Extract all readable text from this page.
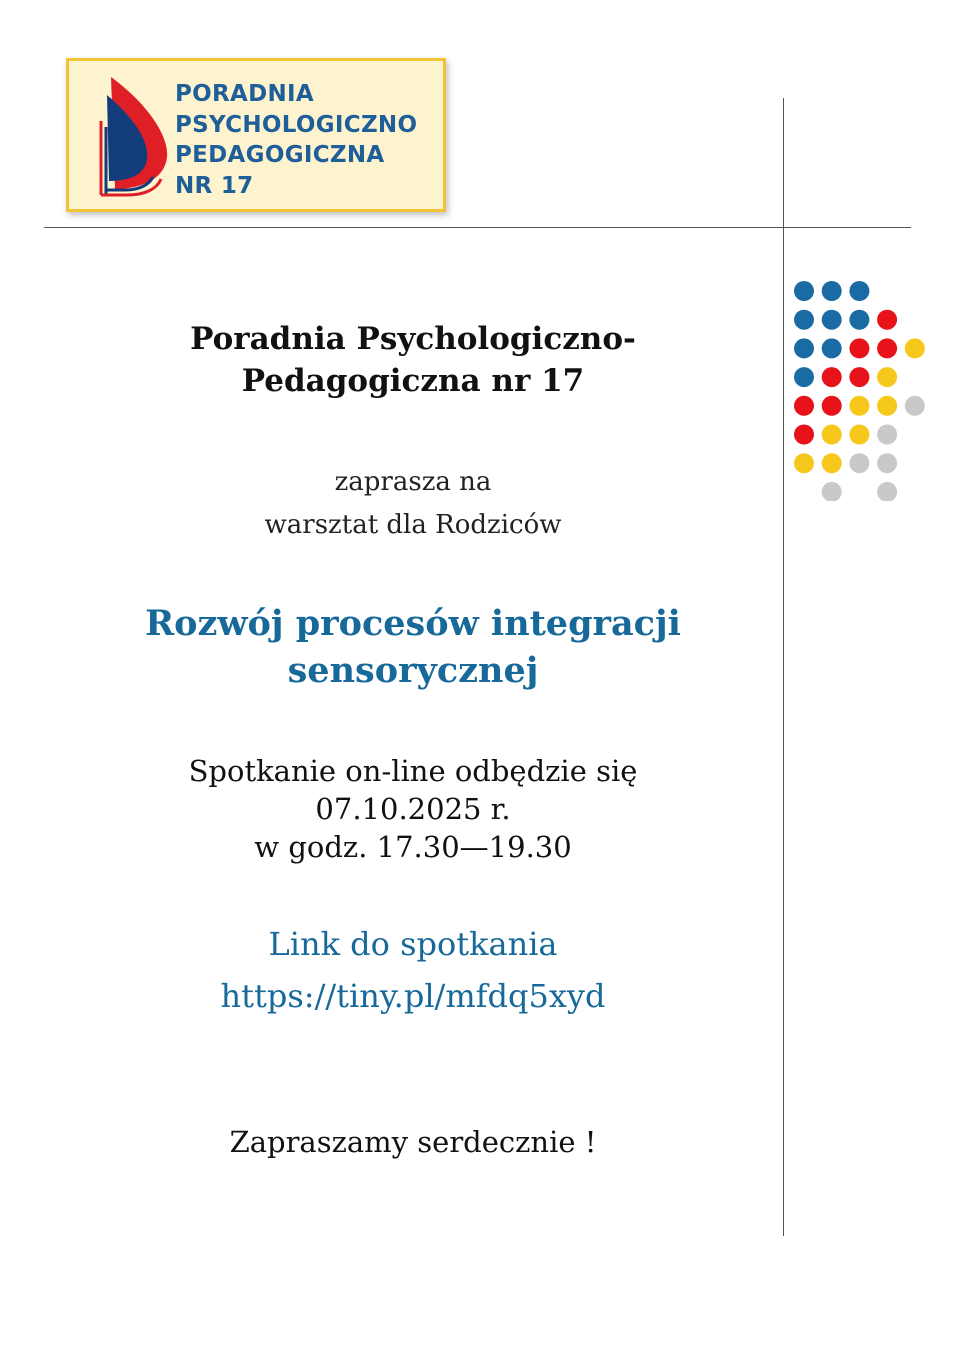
PORADNIA
PSYCHOLOGICZNO
PEDAGOGICZNA
NR 17
Poradnia Psychologiczno-
Pedagogiczna nr 17
zaprasza na
warsztat dla Rodziców
Rozwój procesów integracji
sensorycznej
Spotkanie on-line odbędzie się
07.10.2025 r.
w godz. 17.30—19.30
Link do spotkania
https://tiny.pl/mfdq5xyd
Zapraszamy serdecznie !
